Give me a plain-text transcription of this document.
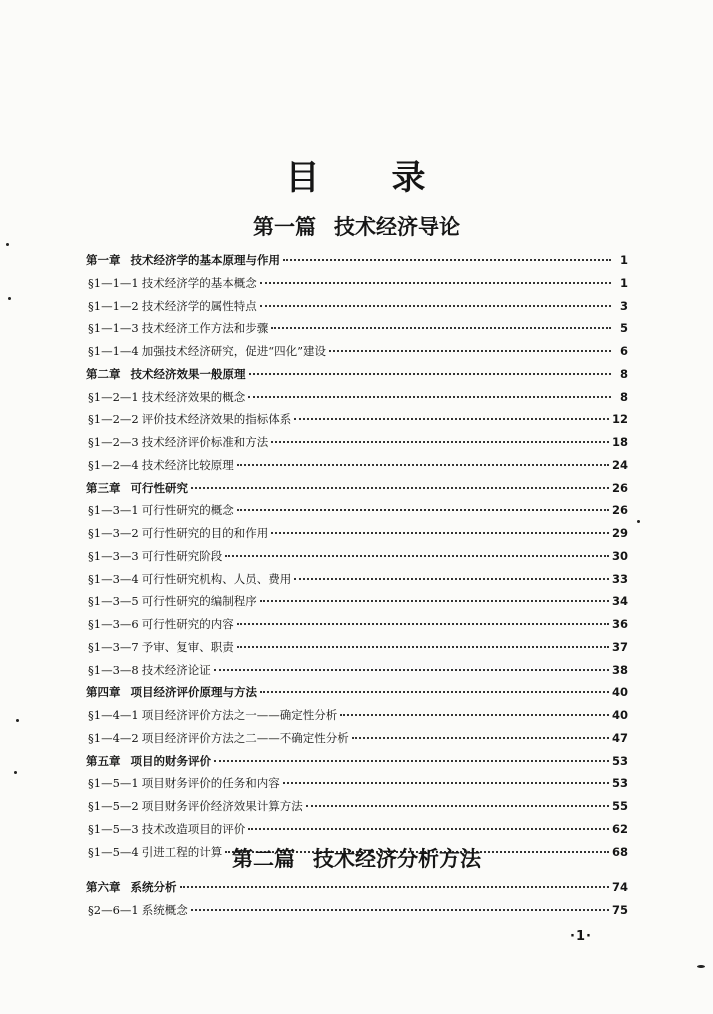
目 录
第一篇 技术经济导论
第一章 技术经济学的基本原理与作用	1
§1—1—1 技术经济学的基本概念	1
§1—1—2 技术经济学的属性特点	3
§1—1—3 技术经济工作方法和步骤	5
§1—1—4 加强技术经济研究，促进“四化”建设	6
第二章 技术经济效果一般原理	8
§1—2—1 技术经济效果的概念	8
§1—2—2 评价技术经济效果的指标体系	12
§1—2—3 技术经济评价标准和方法	18
§1—2—4 技术经济比较原理	24
第三章 可行性研究	26
§1—3—1 可行性研究的概念	26
§1—3—2 可行性研究的目的和作用	29
§1—3—3 可行性研究阶段	30
§1—3—4 可行性研究机构、人员、费用	33
§1—3—5 可行性研究的编制程序	34
§1—3—6 可行性研究的内容	36
§1—3—7 予审、复审、职责	37
§1—3—8 技术经济论证	38
第四章 项目经济评价原理与方法	40
§1—4—1 项目经济评价方法之一——确定性分析	40
§1—4—2 项目经济评价方法之二——不确定性分析	47
第五章 项目的财务评价	53
§1—5—1 项目财务评价的任务和内容	53
§1—5—2 项目财务评价经济效果计算方法	55
§1—5—3 技术改造项目的评价	62
§1—5—4 引进工程的计算	68
第二篇 技术经济分析方法
第六章 系统分析	74
§2—6—1 系统概念	75
·1·
